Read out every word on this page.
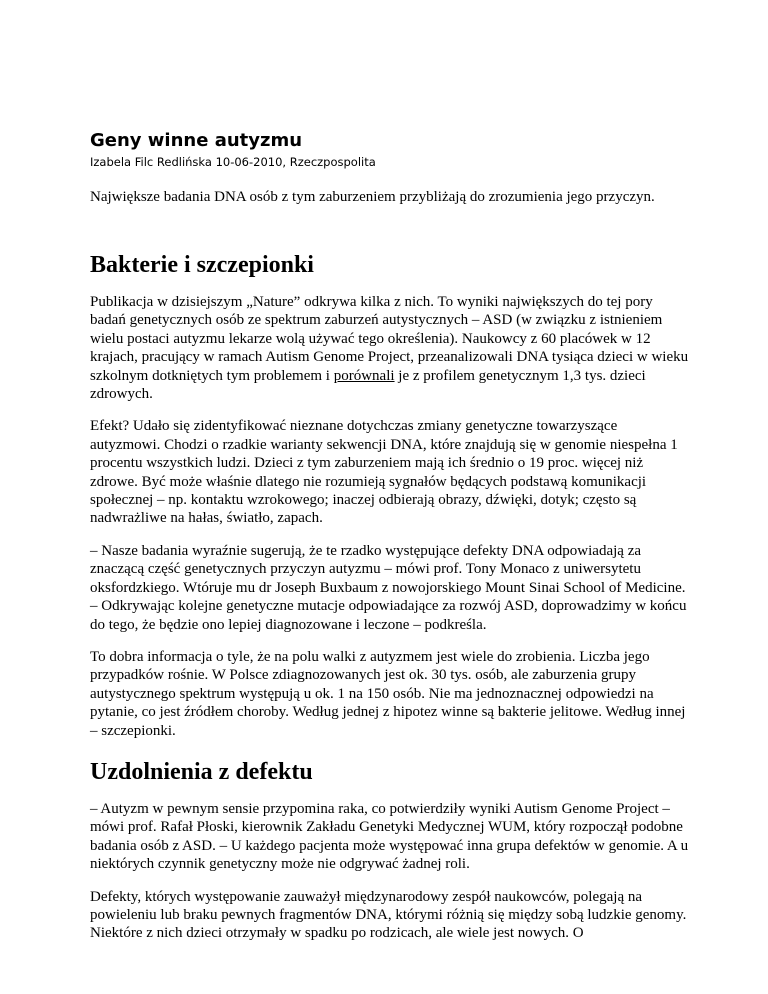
Geny winne autyzmu
Izabela Filc Redlińska 10-06-2010, Rzeczpospolita

Największe badania DNA osób z tym zaburzeniem przybliżają do zrozumienia jego przyczyn.

Bakterie i szczepionki

Publikacja w dzisiejszym „Nature” odkrywa kilka z nich. To wyniki największych do tej pory badań genetycznych osób ze spektrum zaburzeń autystycznych – ASD (w związku z istnieniem wielu postaci autyzmu lekarze wolą używać tego określenia). Naukowcy z 60 placówek w 12 krajach, pracujący w ramach Autism Genome Project, przeanalizowali DNA tysiąca dzieci w wieku szkolnym dotkniętych tym problemem i porównali je z profilem genetycznym 1,3 tys. dzieci zdrowych.

Efekt? Udało się zidentyfikować nieznane dotychczas zmiany genetyczne towarzyszące autyzmowi. Chodzi o rzadkie warianty sekwencji DNA, które znajdują się w genomie niespełna 1 procentu wszystkich ludzi. Dzieci z tym zaburzeniem mają ich średnio o 19 proc. więcej niż zdrowe. Być może właśnie dlatego nie rozumieją sygnałów będących podstawą komunikacji społecznej – np. kontaktu wzrokowego; inaczej odbierają obrazy, dźwięki, dotyk; często są nadwrażliwe na hałas, światło, zapach.

– Nasze badania wyraźnie sugerują, że te rzadko występujące defekty DNA odpowiadają za znaczącą część genetycznych przyczyn autyzmu – mówi prof. Tony Monaco z uniwersytetu oksfordzkiego. Wtóruje mu dr Joseph Buxbaum z nowojorskiego Mount Sinai School of Medicine. – Odkrywając kolejne genetyczne mutacje odpowiadające za rozwój ASD, doprowadzimy w końcu do tego, że będzie ono lepiej diagnozowane i leczone – podkreśla.

To dobra informacja o tyle, że na polu walki z autyzmem jest wiele do zrobienia. Liczba jego przypadków rośnie. W Polsce zdiagnozowanych jest ok. 30 tys. osób, ale zaburzenia grupy autystycznego spektrum występują u ok. 1 na 150 osób. Nie ma jednoznacznej odpowiedzi na pytanie, co jest źródłem choroby. Według jednej z hipotez winne są bakterie jelitowe. Według innej – szczepionki.

Uzdolnienia z defektu

– Autyzm w pewnym sensie przypomina raka, co potwierdziły wyniki Autism Genome Project – mówi prof. Rafał Płoski, kierownik Zakładu Genetyki Medycznej WUM, który rozpoczął podobne badania osób z ASD. – U każdego pacjenta może występować inna grupa defektów w genomie. A u niektórych czynnik genetyczny może nie odgrywać żadnej roli.

Defekty, których występowanie zauważył międzynarodowy zespół naukowców, polegają na powieleniu lub braku pewnych fragmentów DNA, którymi różnią się między sobą ludzkie genomy. Niektóre z nich dzieci otrzymały w spadku po rodzicach, ale wiele jest nowych. O
